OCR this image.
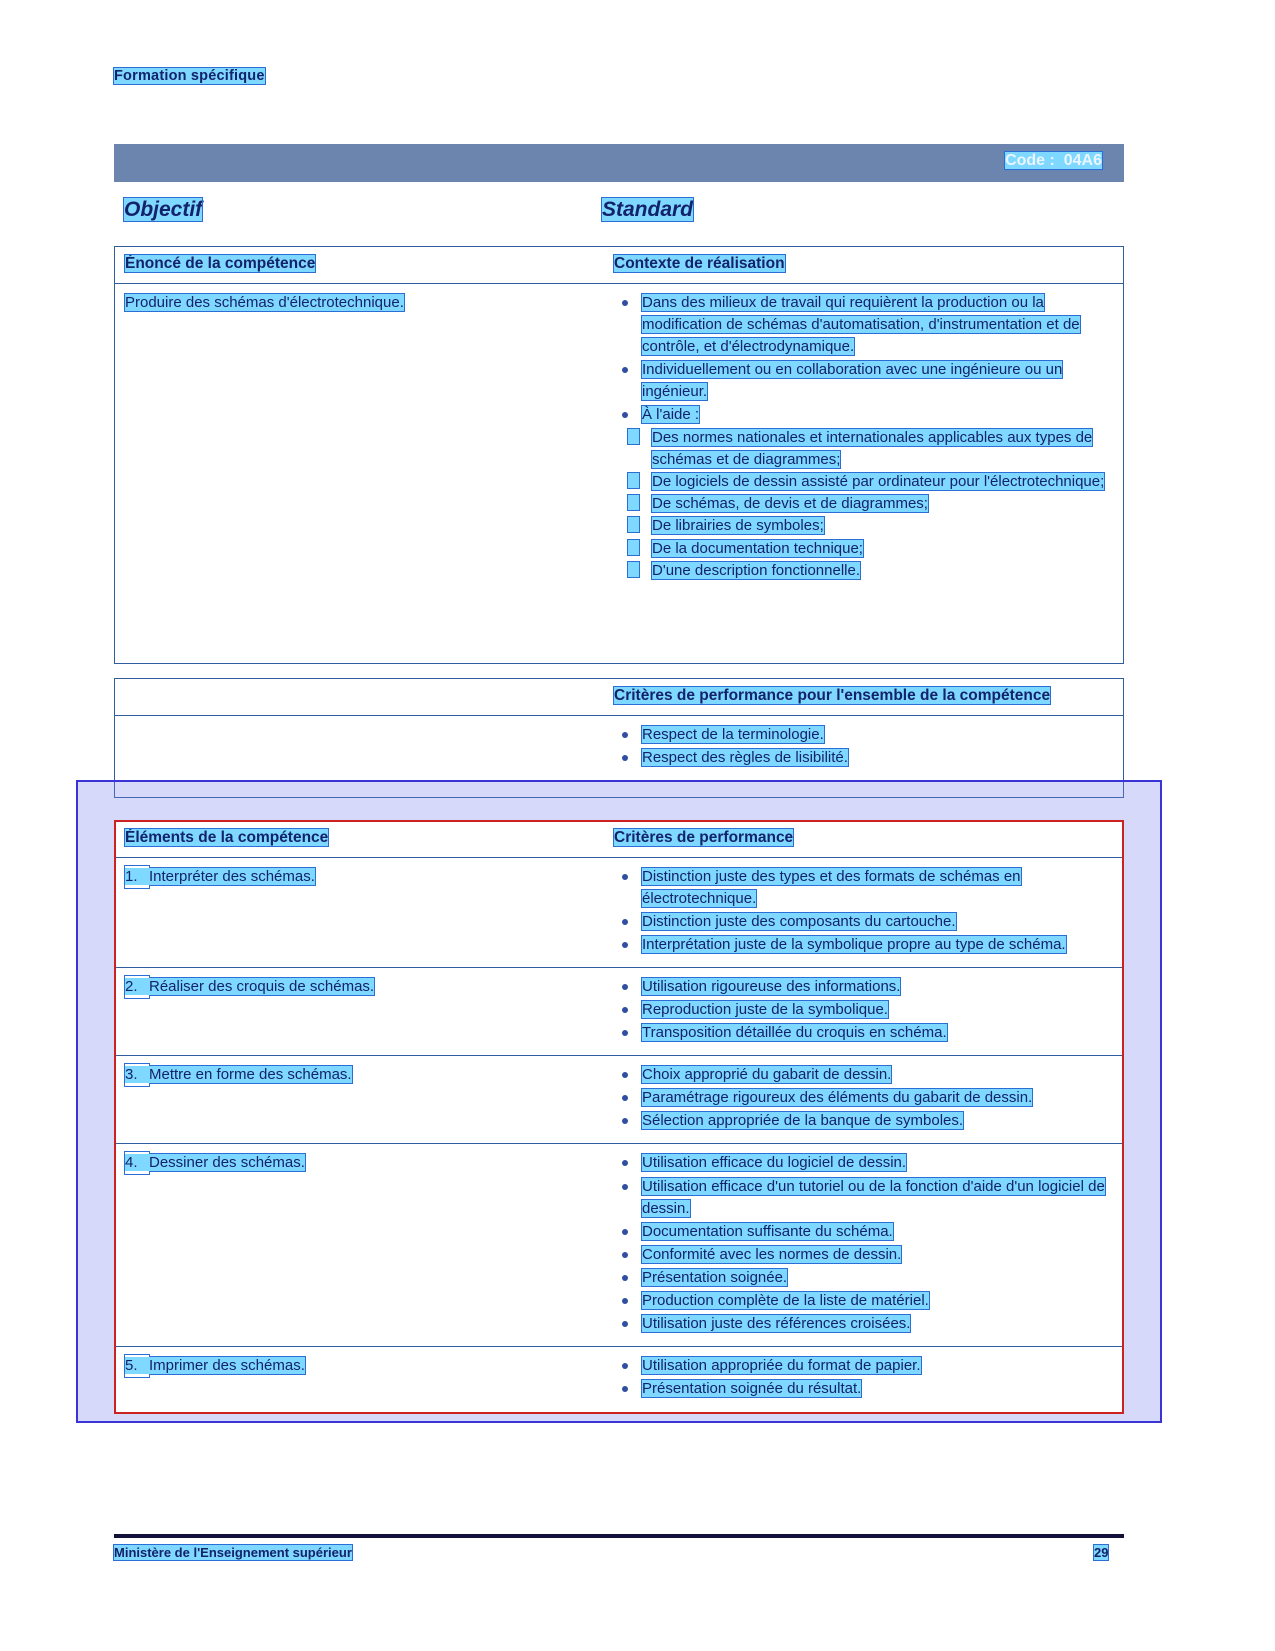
Formation spécifique
Code : 04A6
Objectif	Standard
Énoncé de la compétence	Contexte de réalisation
Produire des schémas d'électrotechnique.	Dans des milieux de travail qui requièrent la production ou la modification de schémas d'automatisation, d'instrumentation et de contrôle, et d'électrodynamique.
Individuellement ou en collaboration avec une ingénieure ou un ingénieur.
À l'aide :
Des normes nationales et internationales applicables aux types de schémas et de diagrammes;
De logiciels de dessin assisté par ordinateur pour l'électrotechnique;
De schémas, de devis et de diagrammes;
De librairies de symboles;
De la documentation technique;
D'une description fonctionnelle.
Critères de performance pour l'ensemble de la compétence
Respect de la terminologie.
Respect des règles de lisibilité.
Éléments de la compétence	Critères de performance
1. Interpréter des schémas.	Distinction juste des types et des formats de schémas en électrotechnique.
Distinction juste des composants du cartouche.
Interprétation juste de la symbolique propre au type de schéma.
2. Réaliser des croquis de schémas.	Utilisation rigoureuse des informations.
Reproduction juste de la symbolique.
Transposition détaillée du croquis en schéma.
3. Mettre en forme des schémas.	Choix approprié du gabarit de dessin.
Paramétrage rigoureux des éléments du gabarit de dessin.
Sélection appropriée de la banque de symboles.
4. Dessiner des schémas.	Utilisation efficace du logiciel de dessin.
Utilisation efficace d'un tutoriel ou de la fonction d'aide d'un logiciel de dessin.
Documentation suffisante du schéma.
Conformité avec les normes de dessin.
Présentation soignée.
Production complète de la liste de matériel.
Utilisation juste des références croisées.
5. Imprimer des schémas.	Utilisation appropriée du format de papier.
Présentation soignée du résultat.
Ministère de l'Enseignement supérieur	29
